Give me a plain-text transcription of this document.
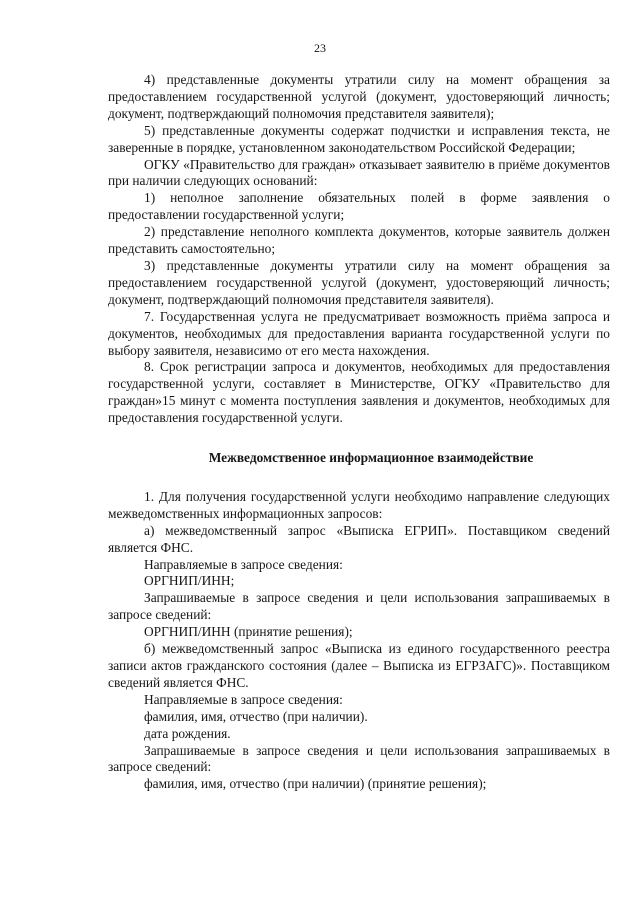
23

4) представленные документы утратили силу на момент обращения за предоставлением государственной услугой (документ, удостоверяющий личность; документ, подтверждающий полномочия представителя заявителя);

5) представленные документы содержат подчистки и исправления текста, не заверенные в порядке, установленном законодательством Российской Федерации;

ОГКУ «Правительство для граждан» отказывает заявителю в приёме документов при наличии следующих оснований:

1) неполное заполнение обязательных полей в форме заявления о предоставлении государственной услуги;

2) представление неполного комплекта документов, которые заявитель должен представить самостоятельно;

3) представленные документы утратили силу на момент обращения за предоставлением государственной услугой (документ, удостоверяющий личность; документ, подтверждающий полномочия представителя заявителя).

7. Государственная услуга не предусматривает возможность приёма запроса и документов, необходимых для предоставления варианта государственной услуги по выбору заявителя, независимо от его места нахождения.

8. Срок регистрации запроса и документов, необходимых для предоставления государственной услуги, составляет в Министерстве, ОГКУ «Правительство для граждан»15 минут с момента поступления заявления и документов, необходимых для предоставления государственной услуги.

Межведомственное информационное взаимодействие

1. Для получения государственной услуги необходимо направление следующих межведомственных информационных запросов:

а) межведомственный запрос «Выписка ЕГРИП». Поставщиком сведений является ФНС.

Направляемые в запросе сведения:

ОРГНИП/ИНН;

Запрашиваемые в запросе сведения и цели использования запрашиваемых в запросе сведений:

ОРГНИП/ИНН (принятие решения);

б) межведомственный запрос «Выписка из единого государственного реестра записи актов гражданского состояния (далее – Выписка из ЕГРЗАГС)». Поставщиком сведений является ФНС.

Направляемые в запросе сведения:

фамилия, имя, отчество (при наличии).

дата рождения.

Запрашиваемые в запросе сведения и цели использования запрашиваемых в запросе сведений:

фамилия, имя, отчество (при наличии) (принятие решения);
